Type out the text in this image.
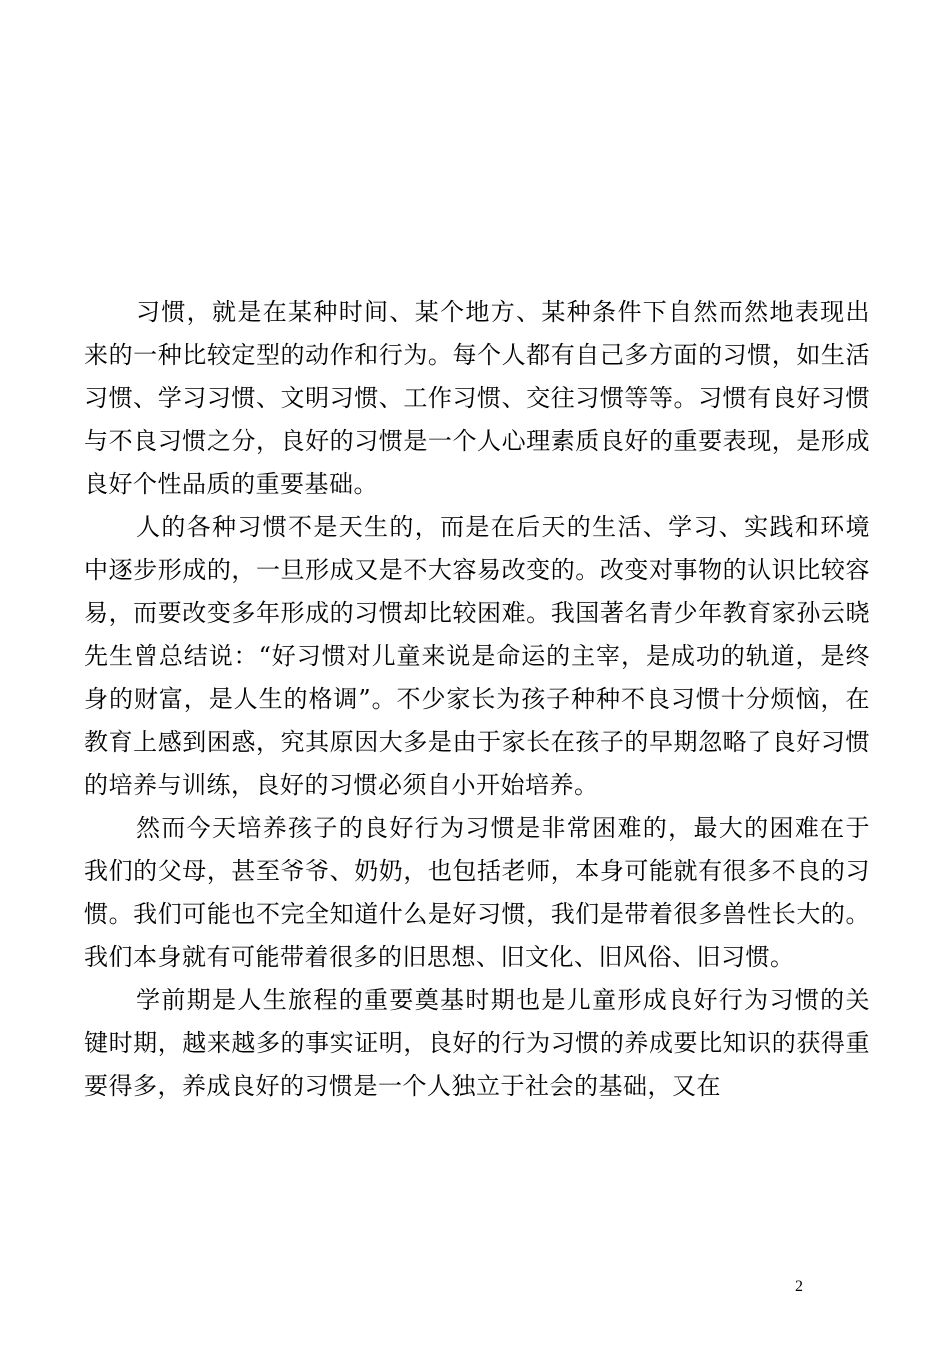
习惯，就是在某种时间、某个地方、某种条件下自然而然地表现出来的一种比较定型的动作和行为。每个人都有自己多方面的习惯，如生活习惯、学习习惯、文明习惯、工作习惯、交往习惯等等。习惯有良好习惯与不良习惯之分，良好的习惯是一个人心理素质良好的重要表现，是形成良好个性品质的重要基础。

人的各种习惯不是天生的，而是在后天的生活、学习、实践和环境中逐步形成的，一旦形成又是不大容易改变的。改变对事物的认识比较容易，而要改变多年形成的习惯却比较困难。我国著名青少年教育家孙云晓先生曾总结说：“好习惯对儿童来说是命运的主宰，是成功的轨道，是终身的财富，是人生的格调”。不少家长为孩子种种不良习惯十分烦恼，在教育上感到困惑，究其原因大多是由于家长在孩子的早期忽略了良好习惯的培养与训练，良好的习惯必须自小开始培养。

然而今天培养孩子的良好行为习惯是非常困难的，最大的困难在于我们的父母，甚至爷爷、奶奶，也包括老师，本身可能就有很多不良的习惯。我们可能也不完全知道什么是好习惯，我们是带着很多兽性长大的。我们本身就有可能带着很多的旧思想、旧文化、旧风俗、旧习惯。

学前期是人生旅程的重要奠基时期也是儿童形成良好行为习惯的关键时期，越来越多的事实证明，良好的行为习惯的养成要比知识的获得重要得多，养成良好的习惯是一个人独立于社会的基础，又在

2
